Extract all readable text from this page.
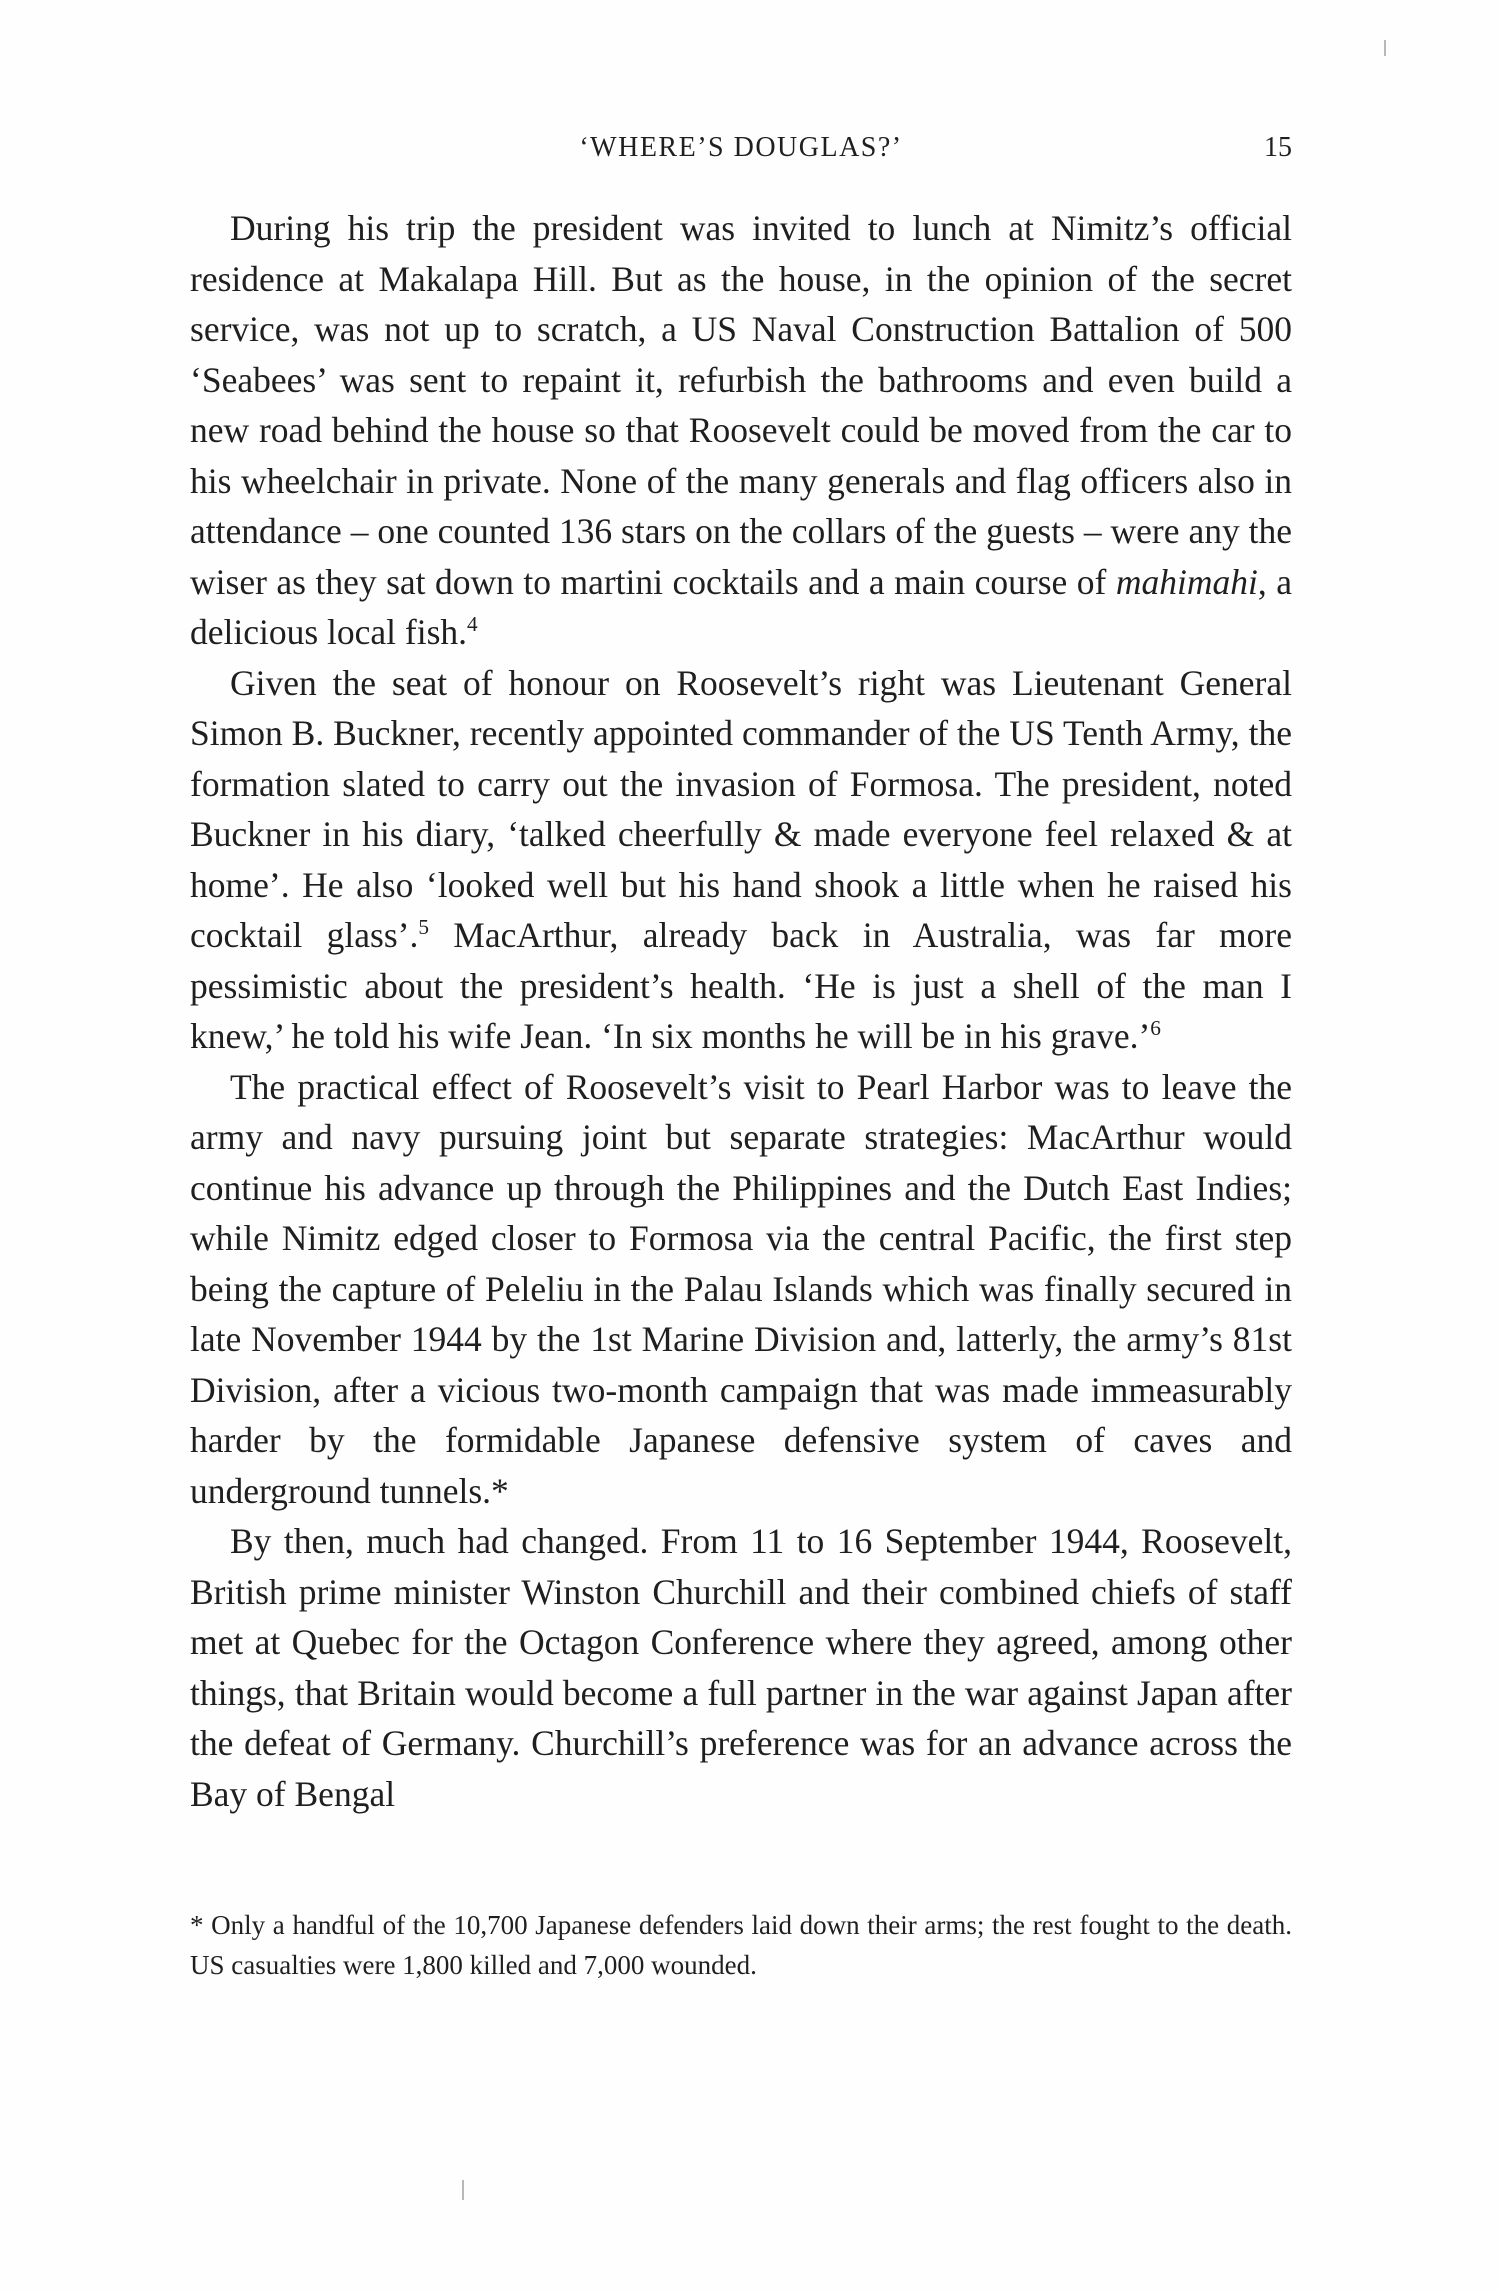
‘WHERE’S DOUGLAS?’	15

During his trip the president was invited to lunch at Nimitz’s official residence at Makalapa Hill. But as the house, in the opinion of the secret service, was not up to scratch, a US Naval Construction Battalion of 500 ‘Seabees’ was sent to repaint it, refurbish the bathrooms and even build a new road behind the house so that Roosevelt could be moved from the car to his wheelchair in private. None of the many generals and flag officers also in attendance – one counted 136 stars on the collars of the guests – were any the wiser as they sat down to martini cocktails and a main course of mahimahi, a delicious local fish.$^4$

Given the seat of honour on Roosevelt’s right was Lieutenant General Simon B. Buckner, recently appointed commander of the US Tenth Army, the formation slated to carry out the invasion of Formosa. The president, noted Buckner in his diary, ‘talked cheerfully & made everyone feel relaxed & at home’. He also ‘looked well but his hand shook a little when he raised his cocktail glass’.$^5$ MacArthur, already back in Australia, was far more pessimistic about the president’s health. ‘He is just a shell of the man I knew,’ he told his wife Jean. ‘In six months he will be in his grave.’$^6$

The practical effect of Roosevelt’s visit to Pearl Harbor was to leave the army and navy pursuing joint but separate strategies: MacArthur would continue his advance up through the Philippines and the Dutch East Indies; while Nimitz edged closer to Formosa via the central Pacific, the first step being the capture of Peleliu in the Palau Islands which was finally secured in late November 1944 by the 1st Marine Division and, latterly, the army’s 81st Division, after a vicious two-month campaign that was made immeasurably harder by the formidable Japanese defensive system of caves and underground tunnels.*

By then, much had changed. From 11 to 16 September 1944, Roosevelt, British prime minister Winston Churchill and their combined chiefs of staff met at Quebec for the Octagon Conference where they agreed, among other things, that Britain would become a full partner in the war against Japan after the defeat of Germany. Churchill’s preference was for an advance across the Bay of Bengal

* Only a handful of the 10,700 Japanese defenders laid down their arms; the rest fought to the death. US casualties were 1,800 killed and 7,000 wounded.
